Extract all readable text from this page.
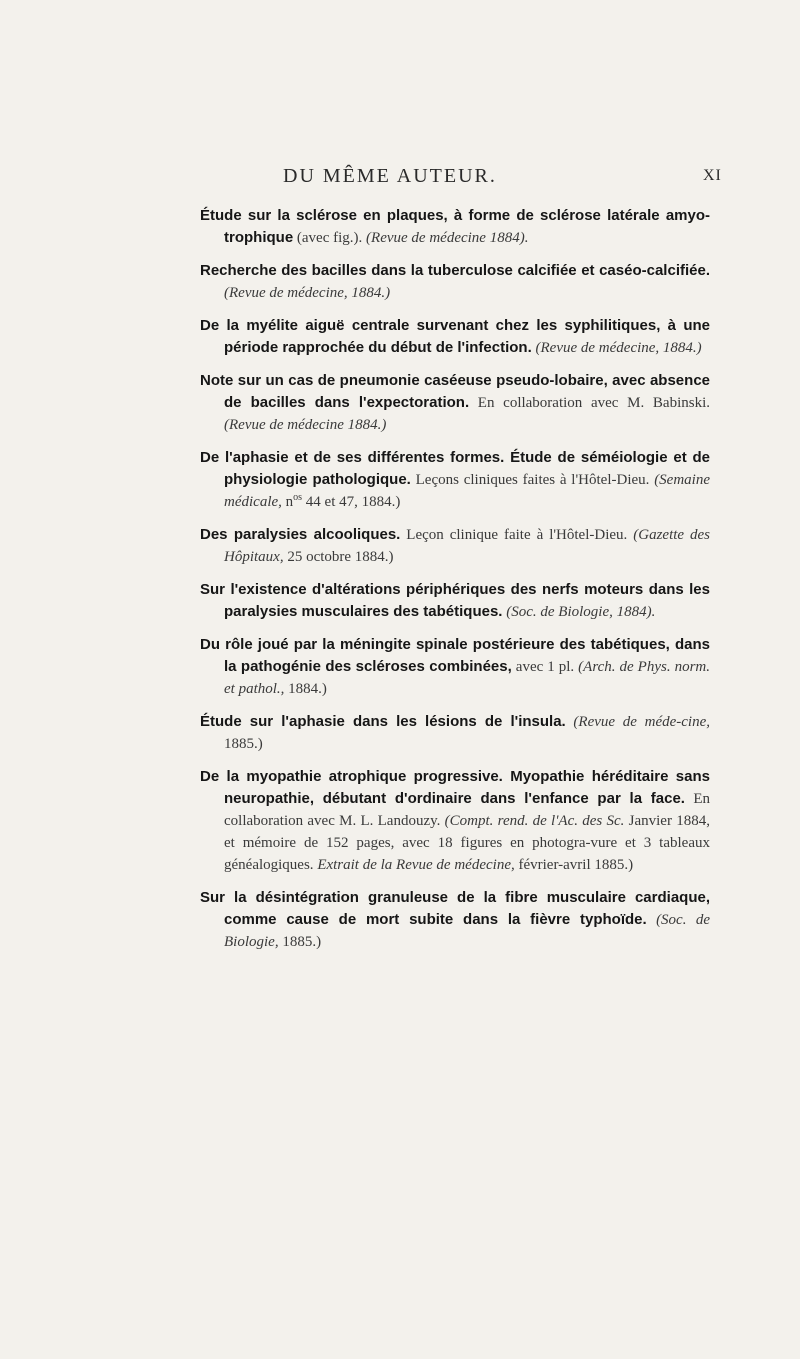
DU MÊME AUTEUR.	XI

Étude sur la sclérose en plaques, à forme de sclérose latérale amyo-trophique (avec fig.). (Revue de médecine 1884).

Recherche des bacilles dans la tuberculose calcifiée et caséo-calcifiée. (Revue de médecine, 1884.)

De la myélite aiguë centrale survenant chez les syphilitiques, à une période rapprochée du début de l'infection. (Revue de médecine, 1884.)

Note sur un cas de pneumonie caséeuse pseudo-lobaire, avec absence de bacilles dans l'expectoration. En collaboration avec M. Babinski. (Revue de médecine 1884.)

De l'aphasie et de ses différentes formes. Étude de séméiologie et de physiologie pathologique. Leçons cliniques faites à l'Hôtel-Dieu. (Semaine médicale, $n^{os}$ 44 et 47, 1884.)

Des paralysies alcooliques. Leçon clinique faite à l'Hôtel-Dieu. (Gazette des Hôpitaux, 25 octobre 1884.)

Sur l'existence d'altérations périphériques des nerfs moteurs dans les paralysies musculaires des tabétiques. (Soc. de Biologie, 1884).

Du rôle joué par la méningite spinale postérieure des tabétiques, dans la pathogénie des scléroses combinées, avec 1 pl. (Arch. de Phys. norm. et pathol., 1884.)

Étude sur l'aphasie dans les lésions de l'insula. (Revue de méde-cine, 1885.)

De la myopathie atrophique progressive. Myopathie héréditaire sans neuropathie, débutant d'ordinaire dans l'enfance par la face. En collaboration avec M. L. Landouzy. (Compt. rend. de l'Ac. des Sc. Janvier 1884, et mémoire de 152 pages, avec 18 figures en photogra-vure et 3 tableaux généalogiques. Extrait de la Revue de médecine, février-avril 1885.)

Sur la désintégration granuleuse de la fibre musculaire cardiaque, comme cause de mort subite dans la fièvre typhoïde. (Soc. de Biologie, 1885.)
